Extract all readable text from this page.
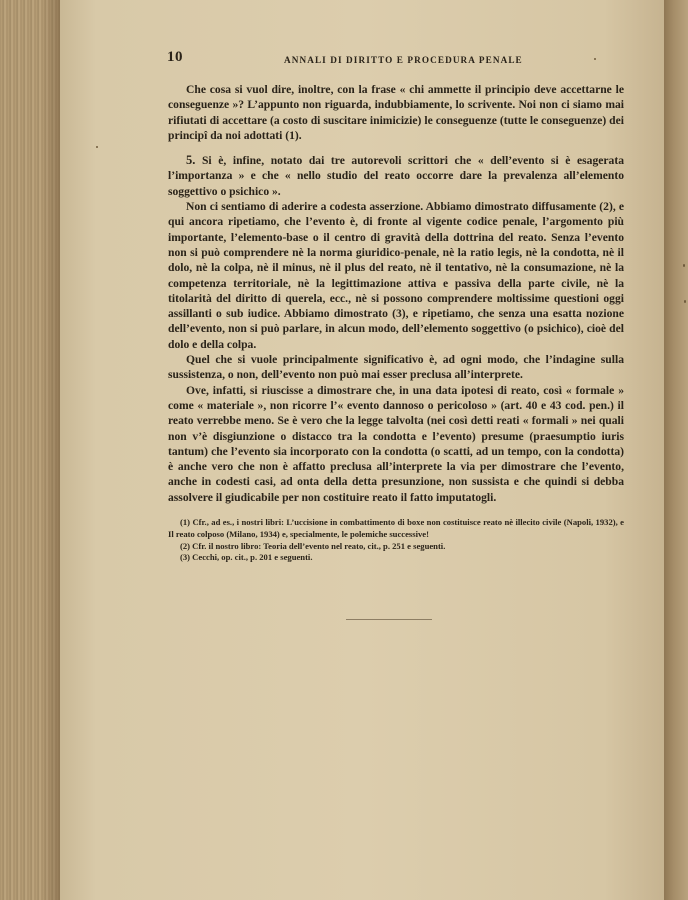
10	ANNALI DI DIRITTO E PROCEDURA PENALE

Che cosa si vuol dire, inoltre, con la frase « chi ammette il principio deve accettarne le conseguenze »? L’appunto non riguarda, indubbiamente, lo scrivente. Noi non ci siamo mai rifiutati di accettare (a costo di suscitare inimicizie) le conseguenze (tutte le conseguenze) dei principî da noi adottati (1).

5. Si è, infine, notato dai tre autorevoli scrittori che « dell’evento si è esagerata l’importanza » e che « nello studio del reato occorre dare la prevalenza all’elemento soggettivo o psichico ».

Non ci sentiamo di aderire a codesta asserzione. Abbiamo dimostrato diffusamente (2), e qui ancora ripetiamo, che l’evento è, di fronte al vigente codice penale, l’argomento più importante, l’elemento-base o il centro di gravità della dottrina del reato. Senza l’evento non si può comprendere nè la norma giuridico-penale, nè la ratio legis, nè la condotta, nè il dolo, nè la colpa, nè il minus, nè il plus del reato, nè il tentativo, nè la consumazione, nè la competenza territoriale, nè la legittimazione attiva e passiva della parte civile, nè la titolarità del diritto di querela, ecc., nè si possono comprendere moltissime questioni oggi assillanti o sub iudice. Abbiamo dimostrato (3), e ripetiamo, che senza una esatta nozione dell’evento, non si può parlare, in alcun modo, dell’elemento soggettivo (o psichico), cioè del dolo e della colpa.

Quel che si vuole principalmente significativo è, ad ogni modo, che l’indagine sulla sussistenza, o non, dell’evento non può mai esser preclusa all’interprete.

Ove, infatti, si riuscisse a dimostrare che, in una data ipotesi di reato, così « formale » come « materiale », non ricorre l’« evento dannoso o pericoloso » (art. 40 e 43 cod. pen.) il reato verrebbe meno. Se è vero che la legge talvolta (nei così detti reati « formali » nei quali non v’è disgiunzione o distacco tra la condotta e l’evento) presume (praesumptio iuris tantum) che l’evento sia incorporato con la condotta (o scatti, ad un tempo, con la condotta) è anche vero che non è affatto preclusa all’interprete la via per dimostrare che l’evento, anche in codesti casi, ad onta della detta presunzione, non sussista e che quindi si debba assolvere il giudicabile per non costituire reato il fatto imputatogli.

(1) Cfr., ad es., i nostri libri: L’uccisione in combattimento di boxe non costituisce reato nè illecito civile (Napoli, 1932), e Il reato colposo (Milano, 1934) e, specialmente, le polemiche successive!

(2) Cfr. il nostro libro: Teoria dell’evento nel reato, cit., p. 251 e seguenti.

(3) Cecchi, op. cit., p. 201 e seguenti.
